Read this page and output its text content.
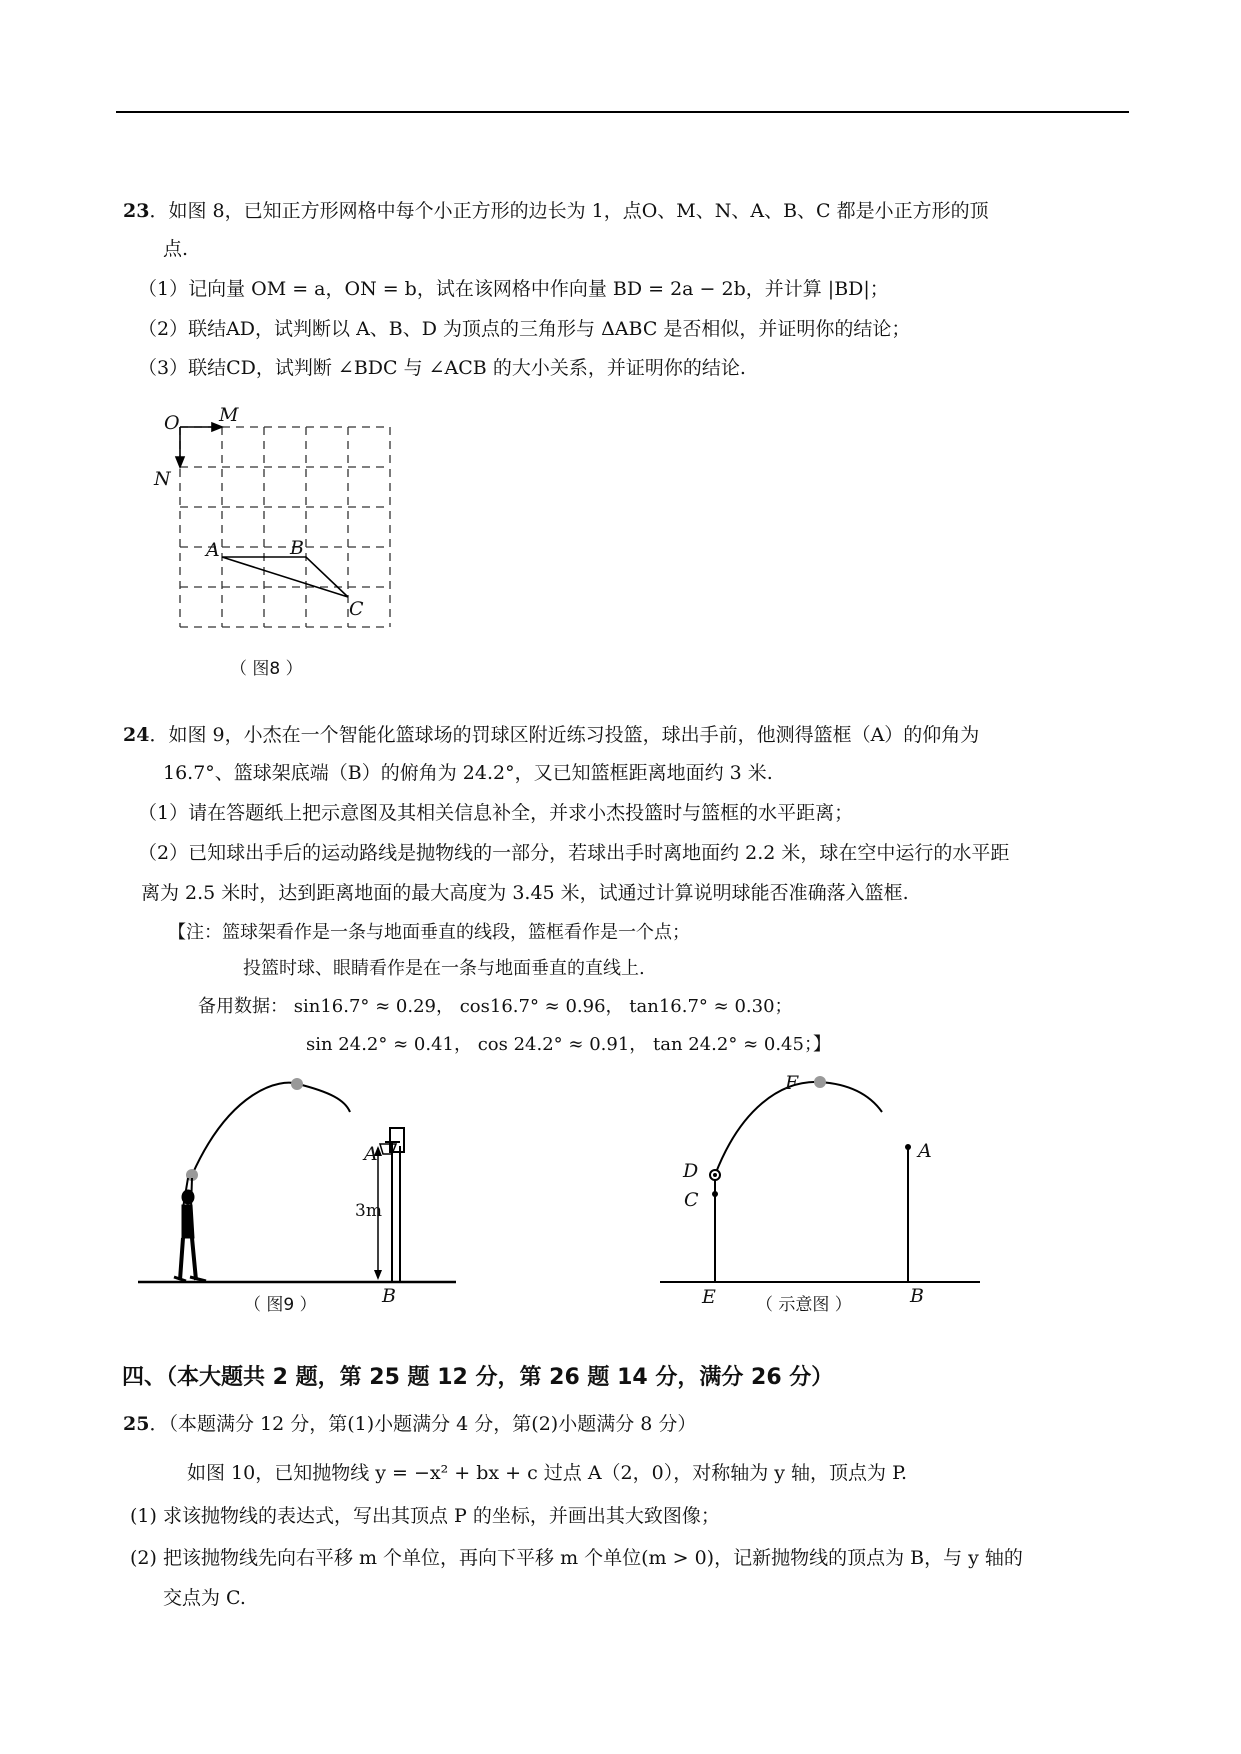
23．如图 8，已知正方形网格中每个小正方形的边长为 1，点O、M、N、A、B、C 都是小正方形的顶
点.
（1）记向量 OM = a，ON = b，试在该网格中作向量 BD = 2a − 2b，并计算 |BD|；
（2）联结AD，试判断以 A、B、D 为顶点的三角形与 ΔABC 是否相似，并证明你的结论；
（3）联结CD，试判断 ∠BDC 与 ∠ACB 的大小关系，并证明你的结论.
O M
N
A	B
C
（ 图8 ）
24．如图 9，小杰在一个智能化篮球场的罚球区附近练习投篮，球出手前，他测得篮框（A）的仰角为
16.7°、篮球架底端（B）的俯角为 24.2°，又已知篮框距离地面约 3 米.
（1）请在答题纸上把示意图及其相关信息补全，并求小杰投篮时与篮框的水平距离；
（2）已知球出手后的运动路线是抛物线的一部分，若球出手时离地面约 2.2 米，球在空中运行的水平距
离为 2.5 米时，达到距离地面的最大高度为 3.45 米，试通过计算说明球能否准确落入篮框.
【注：篮球架看作是一条与地面垂直的线段，篮框看作是一个点；
投篮时球、眼睛看作是在一条与地面垂直的直线上.
备用数据： sin16.7° ≈ 0.29， cos16.7° ≈ 0.96， tan16.7° ≈ 0.30；
sin 24.2° ≈ 0.41， cos 24.2° ≈ 0.91， tan 24.2° ≈ 0.45；】
A
3m
B
（ 图9 ）
F
D
C
A
E	B
（ 示意图 ）
四、（本大题共 2 题，第 25 题 12 分，第 26 题 14 分，满分 26 分）
25．（本题满分 12 分，第(1)小题满分 4 分，第(2)小题满分 8 分）
如图 10，已知抛物线 y = −x² + bx + c 过点 A（2，0），对称轴为 y 轴，顶点为 P.
(1) 求该抛物线的表达式，写出其顶点 P 的坐标，并画出其大致图像；
(2) 把该抛物线先向右平移 m 个单位，再向下平移 m 个单位(m > 0)，记新抛物线的顶点为 B，与 y 轴的
交点为 C.
